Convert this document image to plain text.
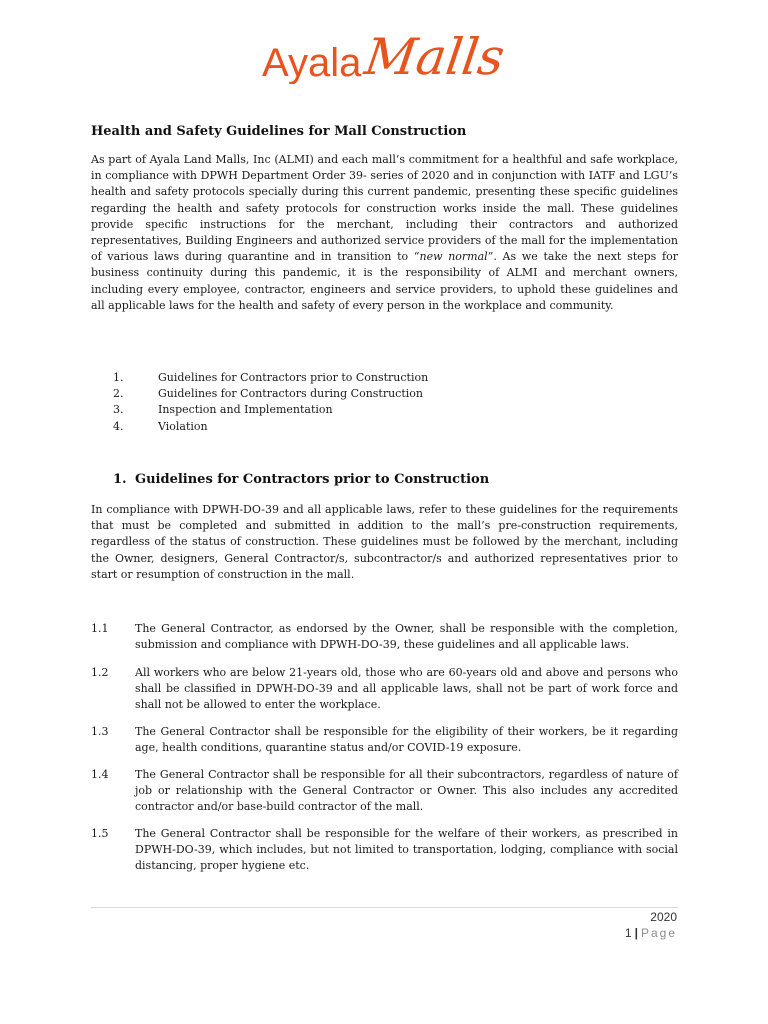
Ayala Malls
Health and Safety Guidelines for Mall Construction

As part of Ayala Land Malls, Inc (ALMI) and each mall’s commitment for a healthful and safe workplace, in compliance with DPWH Department Order 39- series of 2020 and in conjunction with IATF and LGU’s health and safety protocols specially during this current pandemic, presenting these specific guidelines regarding the health and safety protocols for construction works inside the mall. These guidelines provide specific instructions for the merchant, including their contractors and authorized representatives, Building Engineers and authorized service providers of the mall for the implementation of various laws during quarantine and in transition to “new normal”. As we take the next steps for business continuity during this pandemic, it is the responsibility of ALMI and merchant owners, including every employee, contractor, engineers and service providers, to uphold these guidelines and all applicable laws for the health and safety of every person in the workplace and community.

1.	Guidelines for Contractors prior to Construction
2.	Guidelines for Contractors during Construction
3.	Inspection and Implementation
4.	Violation
1. Guidelines for Contractors prior to Construction

In compliance with DPWH-DO-39 and all applicable laws, refer to these guidelines for the requirements that must be completed and submitted in addition to the mall’s pre-construction requirements, regardless of the status of construction. These guidelines must be followed by the merchant, including the Owner, designers, General Contractor/s, subcontractor/s and authorized representatives prior to start or resumption of construction in the mall.

1.1	The General Contractor, as endorsed by the Owner, shall be responsible with the completion, submission and compliance with DPWH-DO-39, these guidelines and all applicable laws.
1.2	All workers who are below 21-years old, those who are 60-years old and above and persons who shall be classified in DPWH-DO-39 and all applicable laws, shall not be part of work force and shall not be allowed to enter the workplace.
1.3	The General Contractor shall be responsible for the eligibility of their workers, be it regarding age, health conditions, quarantine status and/or COVID-19 exposure.
1.4	The General Contractor shall be responsible for all their subcontractors, regardless of nature of job or relationship with the General Contractor or Owner. This also includes any accredited contractor and/or base-build contractor of the mall.
1.5	The General Contractor shall be responsible for the welfare of their workers, as prescribed in DPWH-DO-39, which includes, but not limited to transportation, lodging, compliance with social distancing, proper hygiene etc.
2020
1 | Page
